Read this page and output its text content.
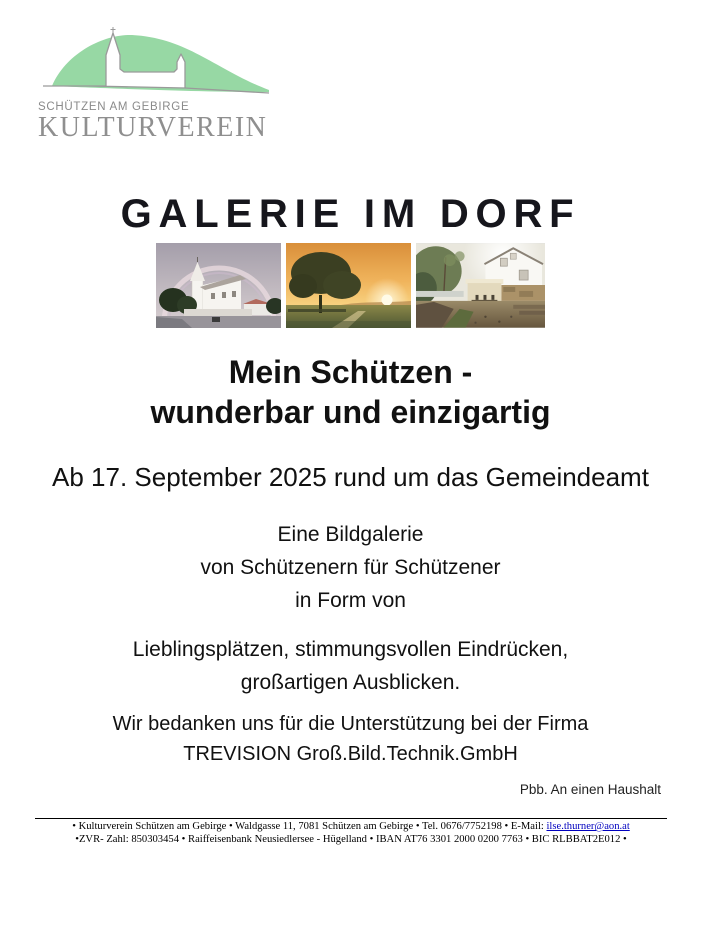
SCHÜTZEN AM GEBIRGE
KULTURVEREIN
GALERIE IM DORF
Mein Schützen -
wunderbar und einzigartig
Ab 17. September 2025 rund um das Gemeindeamt
Eine Bildgalerie
von Schützenern für Schützener
in Form von
Lieblingsplätzen, stimmungsvollen Eindrücken,
großartigen Ausblicken.
Wir bedanken uns für die Unterstützung bei der Firma
TREVISION Groß.Bild.Technik.GmbH
Pbb. An einen Haushalt
• Kulturverein Schützen am Gebirge • Waldgasse 11, 7081 Schützen am Gebirge • Tel. 0676/7752198 • E-Mail: ilse.thurner@aon.at
•ZVR- Zahl: 850303454 • Raiffeisenbank Neusiedlersee - Hügelland • IBAN AT76 3301 2000 0200 7763 • BIC RLBBAT2E012 •
